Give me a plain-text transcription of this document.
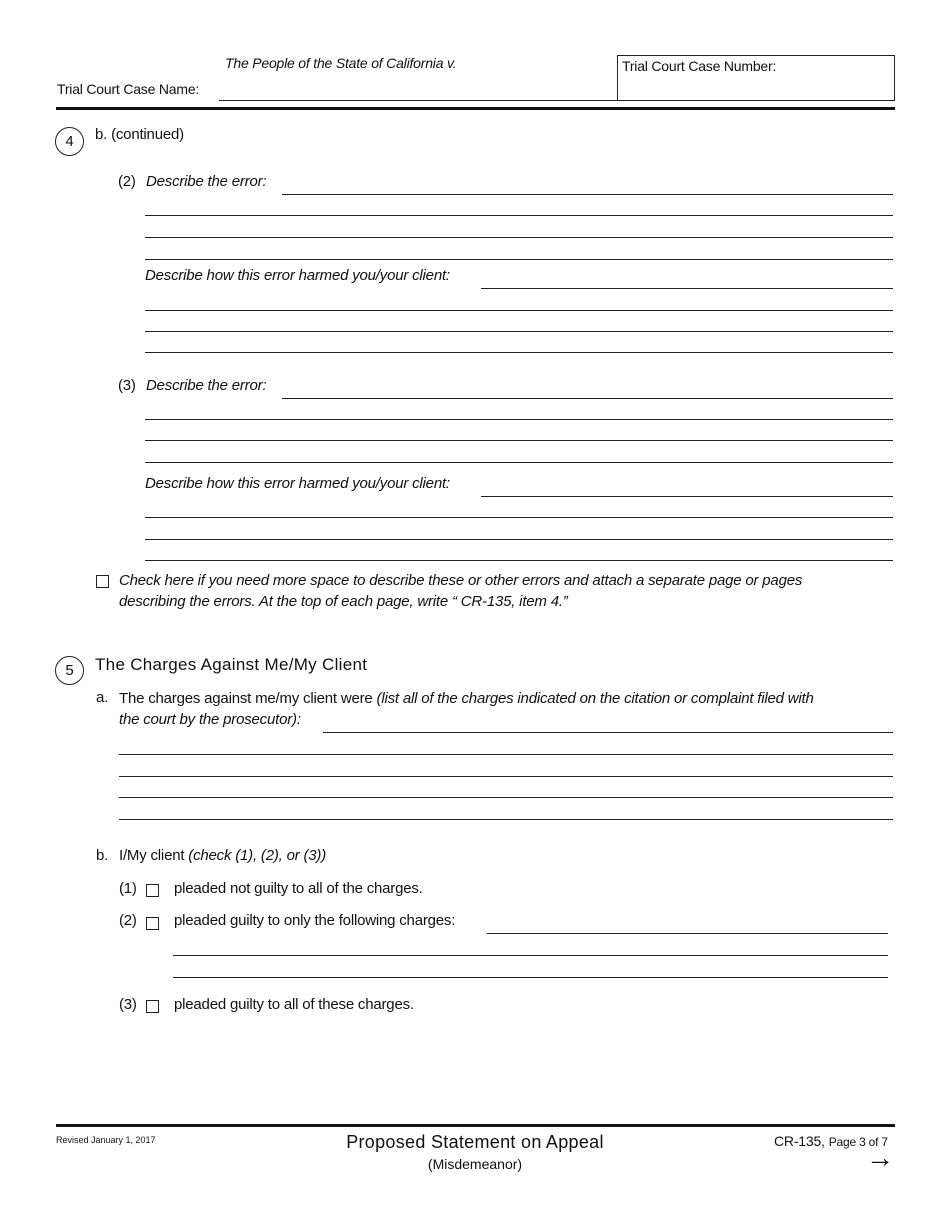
The People of the State of California v.
Trial Court Case Name:
Trial Court Case Number:
4	b. (continued)
(2) Describe the error:
Describe how this error harmed you/your client:
(3) Describe the error:
Describe how this error harmed you/your client:
Check here if you need more space to describe these or other errors and attach a separate page or pages
describing the errors. At the top of each page, write “ CR-135, item 4.”
5	The Charges Against Me/My Client
a. The charges against me/my client were (list all of the charges indicated on the citation or complaint filed with
the court by the prosecutor):
b. I/My client (check (1), (2), or (3))
(1) pleaded not guilty to all of the charges.
(2) pleaded guilty to only the following charges:
(3) pleaded guilty to all of these charges.
Revised January 1, 2017	Proposed Statement on Appeal
(Misdemeanor)
CR-135, Page 3 of 7
→
